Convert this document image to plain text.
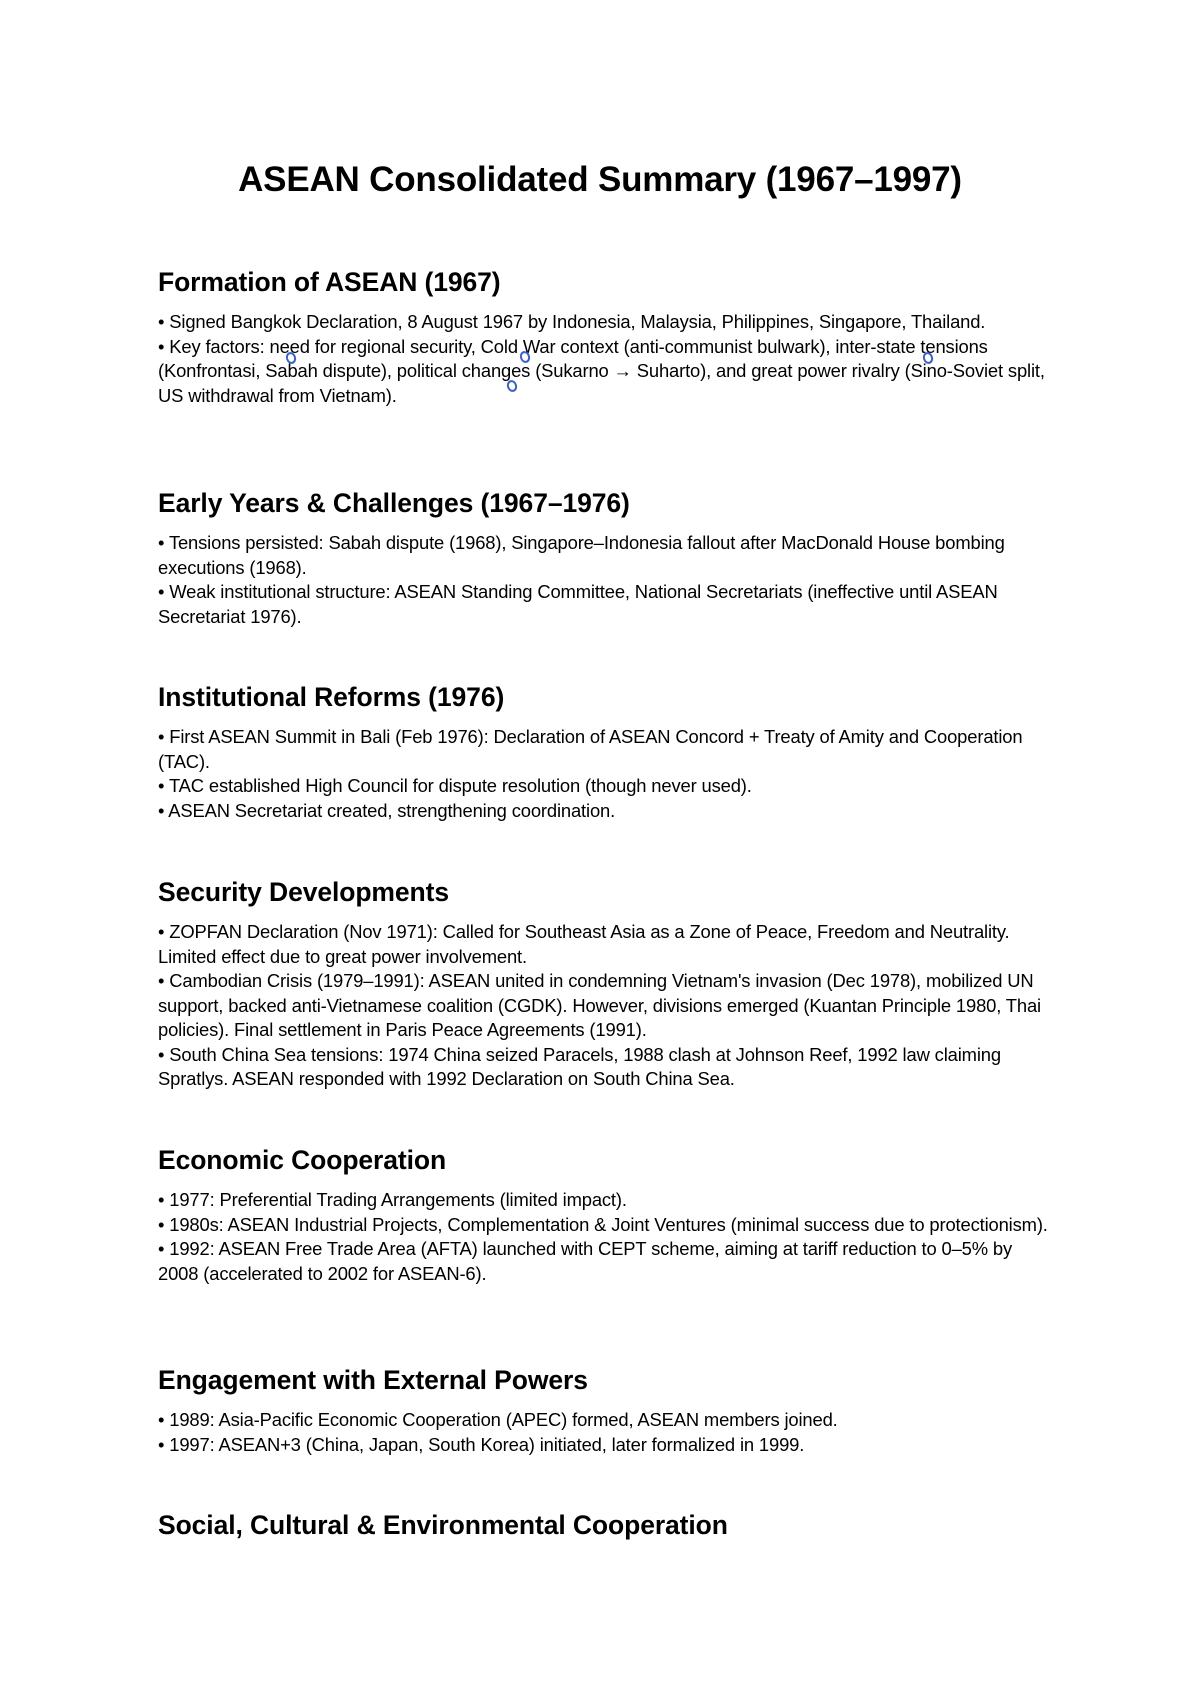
ASEAN Consolidated Summary (1967–1997)
Formation of ASEAN (1967)
• Signed Bangkok Declaration, 8 August 1967 by Indonesia, Malaysia, Philippines, Singapore, Thailand.
• Key factors: need for regional security, Cold War context (anti-communist bulwark), inter-state tensions (Konfrontasi, Sabah dispute), political changes (Sukarno → Suharto), and great power rivalry (Sino-Soviet split, US withdrawal from Vietnam).
Early Years & Challenges (1967–1976)
• Tensions persisted: Sabah dispute (1968), Singapore–Indonesia fallout after MacDonald House bombing executions (1968).
• Weak institutional structure: ASEAN Standing Committee, National Secretariats (ineffective until ASEAN Secretariat 1976).
Institutional Reforms (1976)
• First ASEAN Summit in Bali (Feb 1976): Declaration of ASEAN Concord + Treaty of Amity and Cooperation (TAC).
• TAC established High Council for dispute resolution (though never used).
• ASEAN Secretariat created, strengthening coordination.
Security Developments
• ZOPFAN Declaration (Nov 1971): Called for Southeast Asia as a Zone of Peace, Freedom and Neutrality. Limited effect due to great power involvement.
• Cambodian Crisis (1979–1991): ASEAN united in condemning Vietnam's invasion (Dec 1978), mobilized UN support, backed anti-Vietnamese coalition (CGDK). However, divisions emerged (Kuantan Principle 1980, Thai policies). Final settlement in Paris Peace Agreements (1991).
• South China Sea tensions: 1974 China seized Paracels, 1988 clash at Johnson Reef, 1992 law claiming Spratlys. ASEAN responded with 1992 Declaration on South China Sea.
Economic Cooperation
• 1977: Preferential Trading Arrangements (limited impact).
• 1980s: ASEAN Industrial Projects, Complementation & Joint Ventures (minimal success due to protectionism).
• 1992: ASEAN Free Trade Area (AFTA) launched with CEPT scheme, aiming at tariff reduction to 0–5% by 2008 (accelerated to 2002 for ASEAN-6).
Engagement with External Powers
• 1989: Asia-Pacific Economic Cooperation (APEC) formed, ASEAN members joined.
• 1997: ASEAN+3 (China, Japan, South Korea) initiated, later formalized in 1999.
Social, Cultural & Environmental Cooperation
